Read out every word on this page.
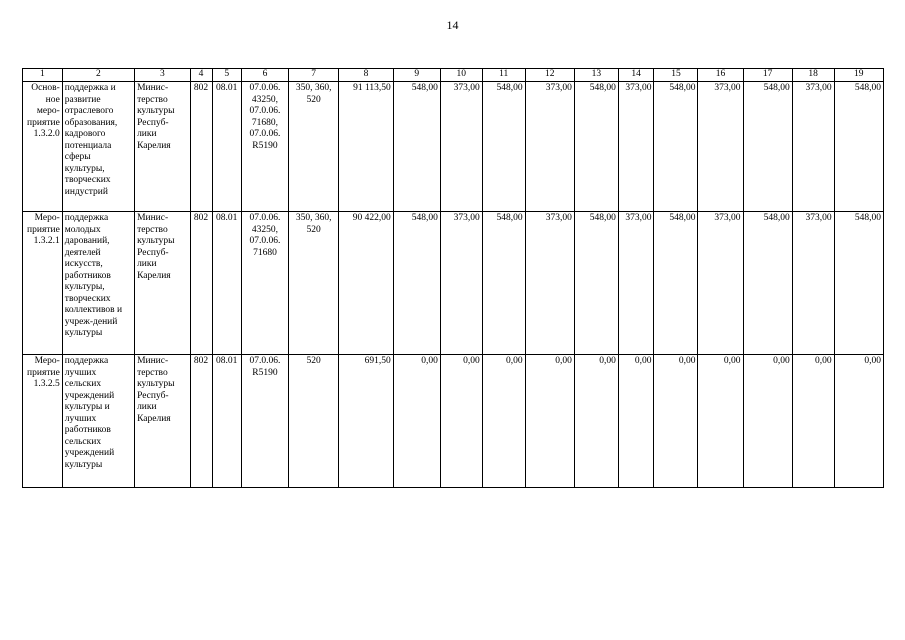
14
1	2	3	4	5	6	7	8	9	10	11	12	13	14	15	16	17	18	19
Основ-ное меро-приятие 1.3.2.0	поддержка и развитие отраслевого образования, кадрового потенциала сферы культуры, творческих индустрий	Минис-терство культуры Респуб-лики Карелия	802	08.01	07.0.06. 43250, 07.0.06. 71680, 07.0.06. R5190	350, 360, 520	91 113,50	548,00	373,00	548,00	373,00	548,00	373,00	548,00	373,00	548,00	373,00	548,00
Меро-приятие 1.3.2.1	поддержка молодых дарований, деятелей искусств, работников культуры, творческих коллективов и учреж-дений культуры	Минис-терство культуры Респуб-лики Карелия	802	08.01	07.0.06. 43250, 07.0.06. 71680	350, 360, 520	90 422,00	548,00	373,00	548,00	373,00	548,00	373,00	548,00	373,00	548,00	373,00	548,00
Меро-приятие 1.3.2.5	поддержка лучших сельских учреждений культуры и лучших работников сельских учреждений культуры	Минис-терство культуры Респуб-лики Карелия	802	08.01	07.0.06. R5190	520	691,50	0,00	0,00	0,00	0,00	0,00	0,00	0,00	0,00	0,00	0,00	0,00
